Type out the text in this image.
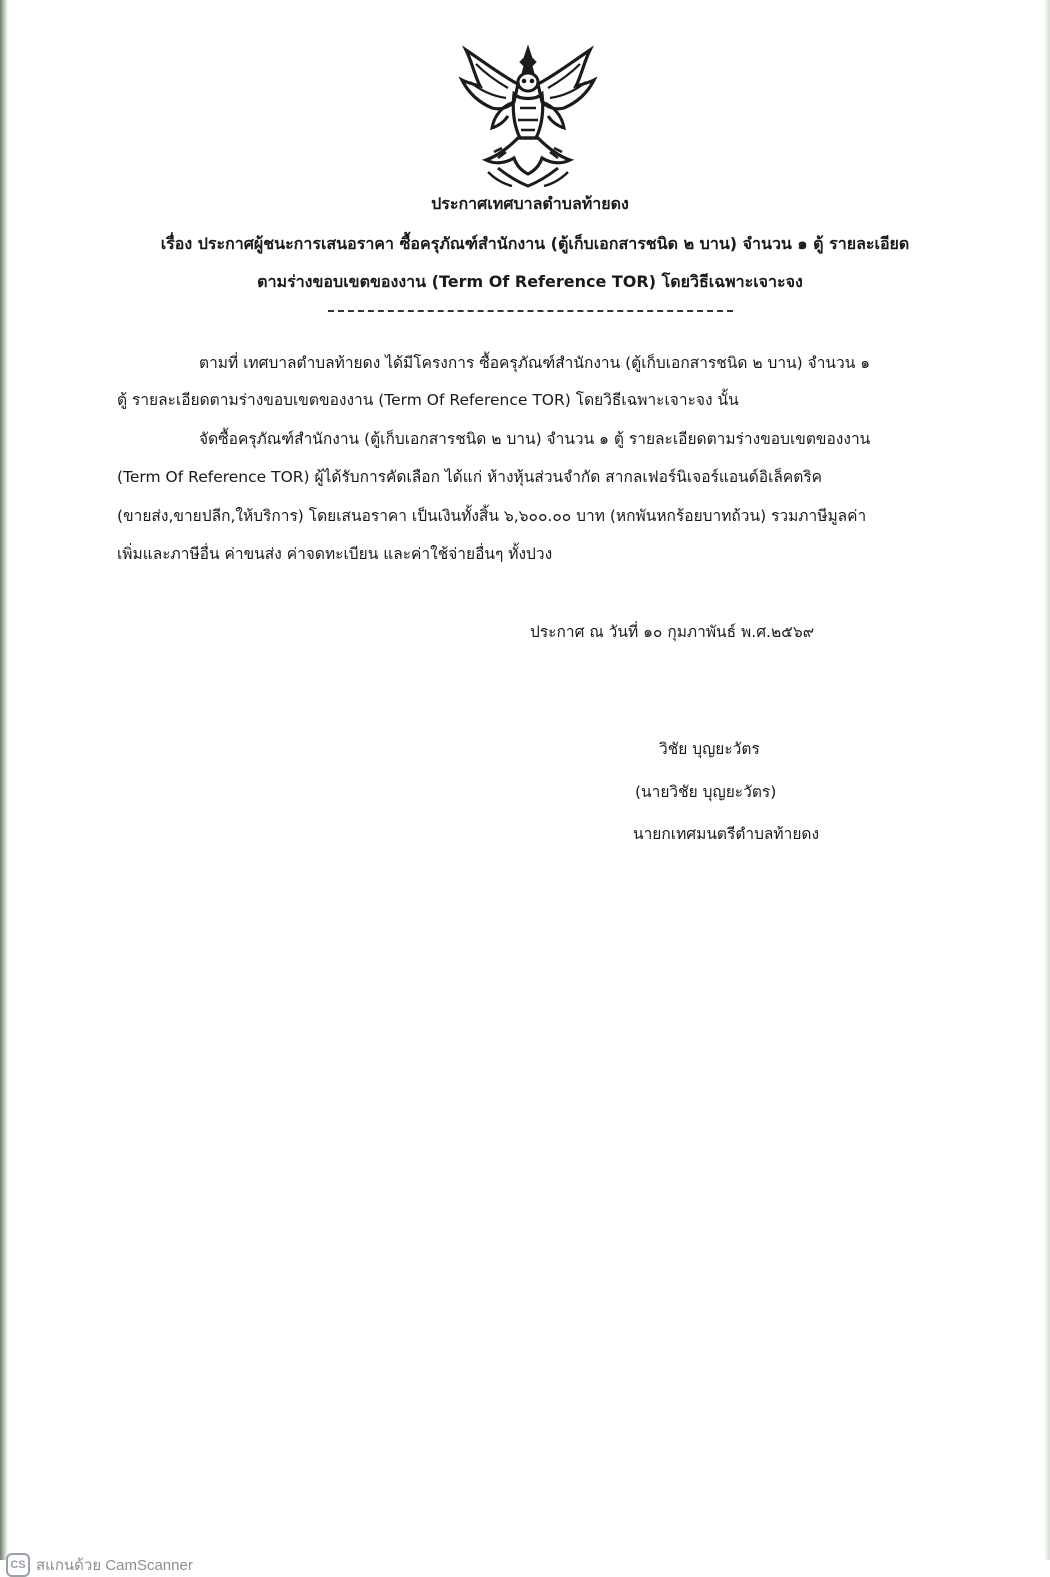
ประกาศเทศบาลตำบลท้ายดง
เรื่อง ประกาศผู้ชนะการเสนอราคา ซื้อครุภัณฑ์สำนักงาน (ตู้เก็บเอกสารชนิด ๒ บาน) จำนวน ๑ ตู้ รายละเอียด
ตามร่างขอบเขตของงาน (Term Of Reference TOR) โดยวิธีเฉพาะเจาะจง
ตามที่ เทศบาลตำบลท้ายดง ได้มีโครงการ ซื้อครุภัณฑ์สำนักงาน (ตู้เก็บเอกสารชนิด ๒ บาน) จำนวน ๑
ตู้ รายละเอียดตามร่างขอบเขตของงาน (Term Of Reference TOR) โดยวิธีเฉพาะเจาะจง นั้น
จัดซื้อครุภัณฑ์สำนักงาน (ตู้เก็บเอกสารชนิด ๒ บาน) จำนวน ๑ ตู้ รายละเอียดตามร่างขอบเขตของงาน
(Term Of Reference TOR) ผู้ได้รับการคัดเลือก ได้แก่ ห้างหุ้นส่วนจำกัด สากลเฟอร์นิเจอร์แอนด์อิเล็คตริค
(ขายส่ง,ขายปลีก,ให้บริการ) โดยเสนอราคา เป็นเงินทั้งสิ้น ๖,๖๐๐.๐๐ บาท (หกพันหกร้อยบาทถ้วน) รวมภาษีมูลค่า
เพิ่มและภาษีอื่น ค่าขนส่ง ค่าจดทะเบียน และค่าใช้จ่ายอื่นๆ ทั้งปวง
ประกาศ ณ วันที่ ๑๐ กุมภาพันธ์ พ.ศ.๒๕๖๙
วิชัย บุญยะวัตร
(นายวิชัย บุญยะวัตร)
นายกเทศมนตรีตำบลท้ายดง
CS สแกนด้วย CamScanner
